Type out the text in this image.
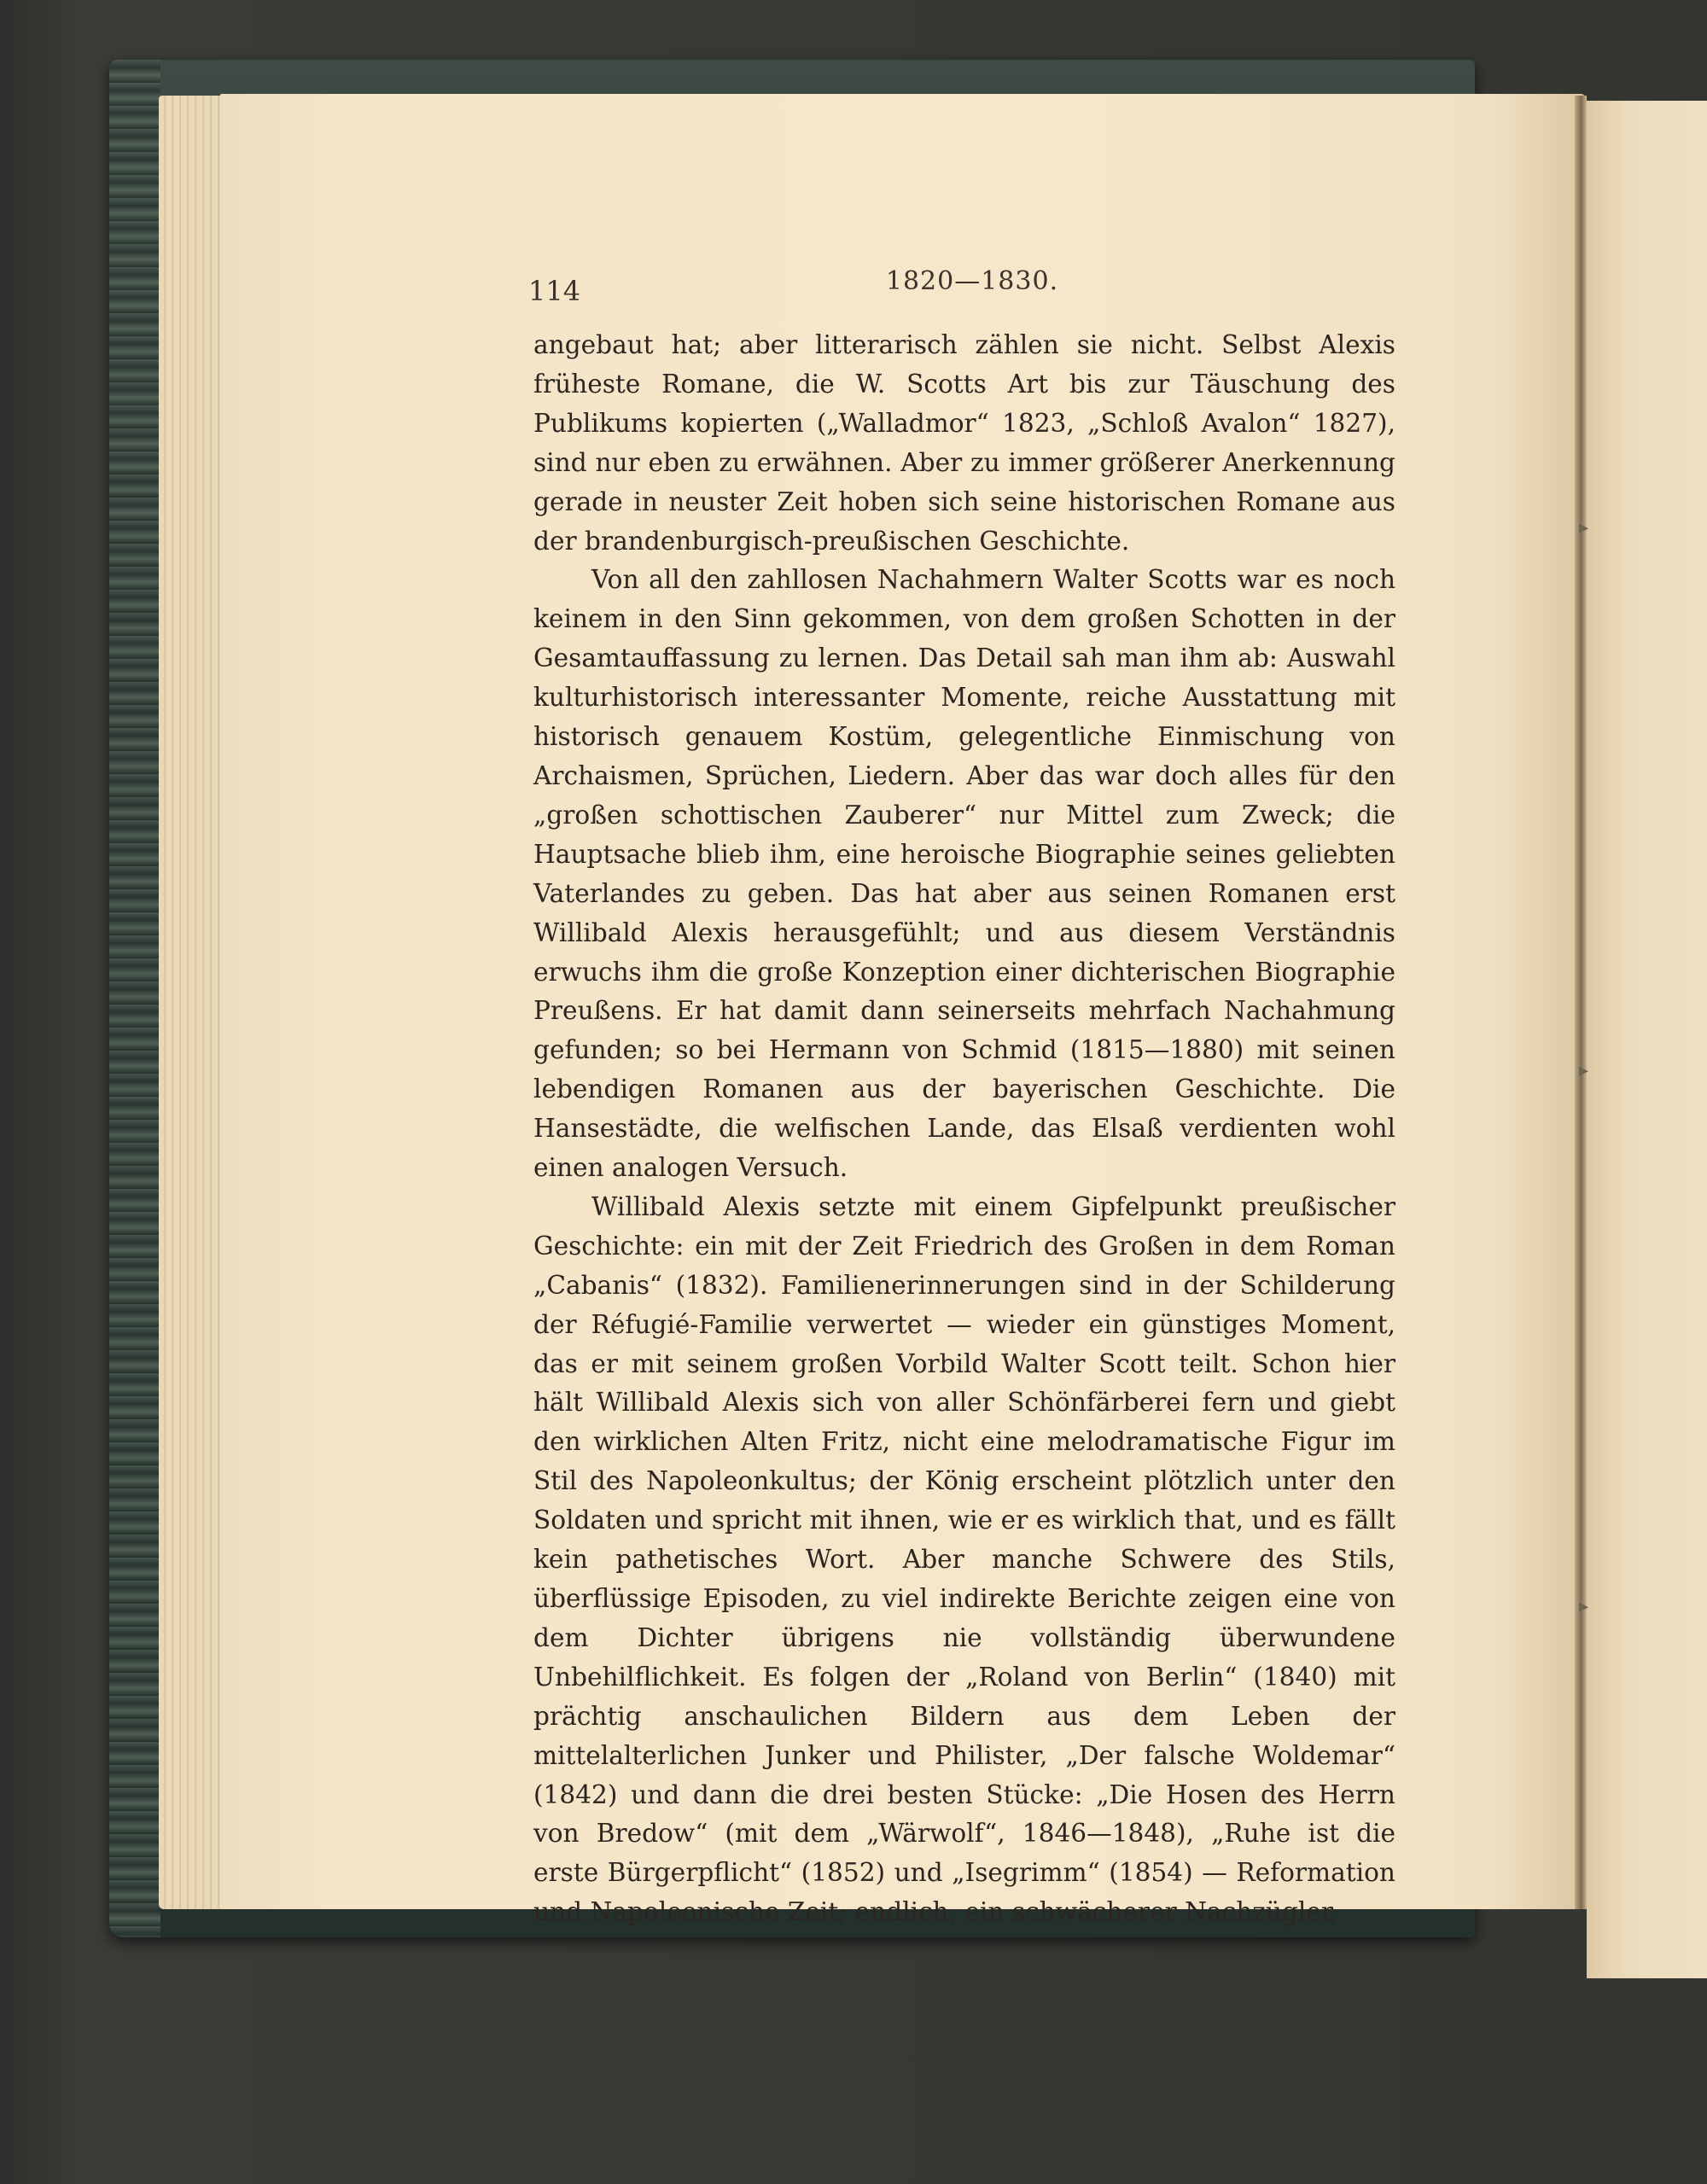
114	1820—1830.

angebaut hat; aber litterarisch zählen sie nicht. Selbst Alexis früheste Romane, die W. Scotts Art bis zur Täuschung des Publikums kopierten („Walladmor“ 1823, „Schloß Avalon“ 1827), sind nur eben zu erwähnen. Aber zu immer größerer Anerkennung gerade in neuster Zeit hoben sich seine historischen Romane aus der brandenburgisch-preußischen Geschichte.

Von all den zahllosen Nachahmern Walter Scotts war es noch keinem in den Sinn gekommen, von dem großen Schotten in der Gesamtauffassung zu lernen. Das Detail sah man ihm ab: Auswahl kulturhistorisch interessanter Momente, reiche Ausstattung mit historisch genauem Kostüm, gelegentliche Einmischung von Archaismen, Sprüchen, Liedern. Aber das war doch alles für den „großen schottischen Zauberer“ nur Mittel zum Zweck; die Hauptsache blieb ihm, eine heroische Biographie seines geliebten Vaterlandes zu geben. Das hat aber aus seinen Romanen erst Willibald Alexis herausgefühlt; und aus diesem Verständnis erwuchs ihm die große Konzeption einer dichterischen Biographie Preußens. Er hat damit dann seinerseits mehrfach Nachahmung gefunden; so bei Hermann von Schmid (1815—1880) mit seinen lebendigen Romanen aus der bayerischen Geschichte. Die Hansestädte, die welfischen Lande, das Elsaß verdienten wohl einen analogen Versuch.

Willibald Alexis setzte mit einem Gipfelpunkt preußischer Geschichte: ein mit der Zeit Friedrich des Großen in dem Roman „Cabanis“ (1832). Familienerinnerungen sind in der Schilderung der Réfugié-Familie verwertet — wieder ein günstiges Moment, das er mit seinem großen Vorbild Walter Scott teilt. Schon hier hält Willibald Alexis sich von aller Schönfärberei fern und giebt den wirklichen Alten Fritz, nicht eine melodramatische Figur im Stil des Napoleonkultus; der König erscheint plötzlich unter den Soldaten und spricht mit ihnen, wie er es wirklich that, und es fällt kein pathetisches Wort. Aber manche Schwere des Stils, überflüssige Episoden, zu viel indirekte Berichte zeigen eine von dem Dichter übrigens nie vollständig überwundene Unbehilflichkeit. Es folgen der „Roland von Berlin“ (1840) mit prächtig anschaulichen Bildern aus dem Leben der mittelalterlichen Junker und Philister, „Der falsche Woldemar“ (1842) und dann die drei besten Stücke: „Die Hosen des Herrn von Bredow“ (mit dem „Wärwolf“, 1846—1848), „Ruhe ist die erste Bürgerpflicht“ (1852) und „Isegrimm“ (1854) — Reformation und Napoleonische Zeit; endlich, ein schwächerer Nachzügler,

▸
▸
▸
